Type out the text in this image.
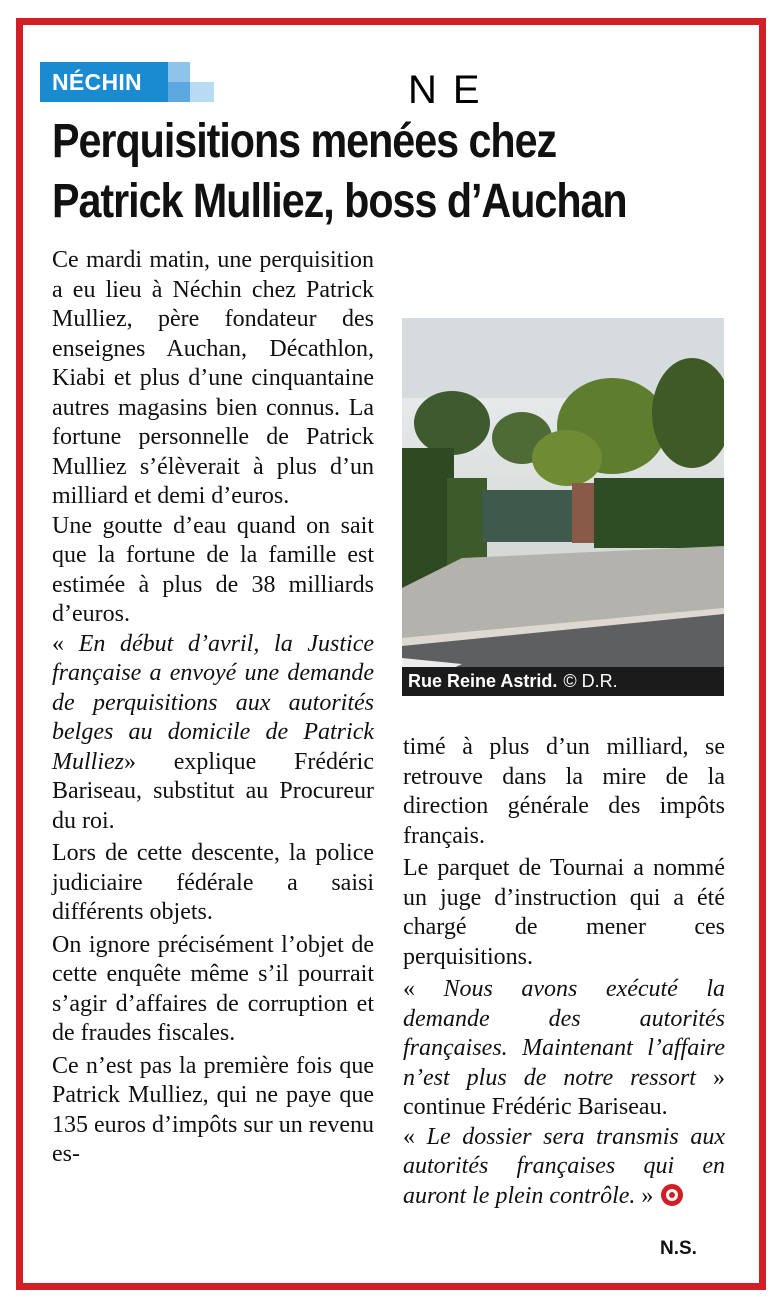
NÉCHIN	NE
Perquisitions menées chez
Patrick Mulliez, boss d’Auchan

Ce mardi matin, une perquisition a eu lieu à Néchin chez Patrick Mulliez, père fondateur des enseignes Auchan, Décathlon, Kiabi et plus d’une cinquantaine autres magasins bien connus. La fortune personnelle de Patrick Mulliez s’élèverait à plus d’un milliard et demi d’euros.

Une goutte d’eau quand on sait que la fortune de la famille est estimée à plus de 38 milliards d’euros.

« En début d’avril, la Justice française a envoyé une demande de perquisitions aux autorités belges au domicile de Patrick Mulliez» explique Frédéric Bariseau, substitut au Procureur du roi.

Lors de cette descente, la police judiciaire fédérale a saisi différents objets.

On ignore précisément l’objet de cette enquête même s’il pourrait s’agir d’affaires de corruption et de fraudes fiscales.

Ce n’est pas la première fois que Patrick Mulliez, qui ne paye que 135 euros d’impôts sur un revenu es-

Rue Reine Astrid. © D.R.

timé à plus d’un milliard, se retrouve dans la mire de la direction générale des impôts français.

Le parquet de Tournai a nommé un juge d’instruction qui a été chargé de mener ces perquisitions.

« Nous avons exécuté la demande des autorités françaises. Maintenant l’affaire n’est plus de notre ressort » continue Frédéric Bariseau.

« Le dossier sera transmis aux autorités françaises qui en auront le plein contrôle. »

N.S.
